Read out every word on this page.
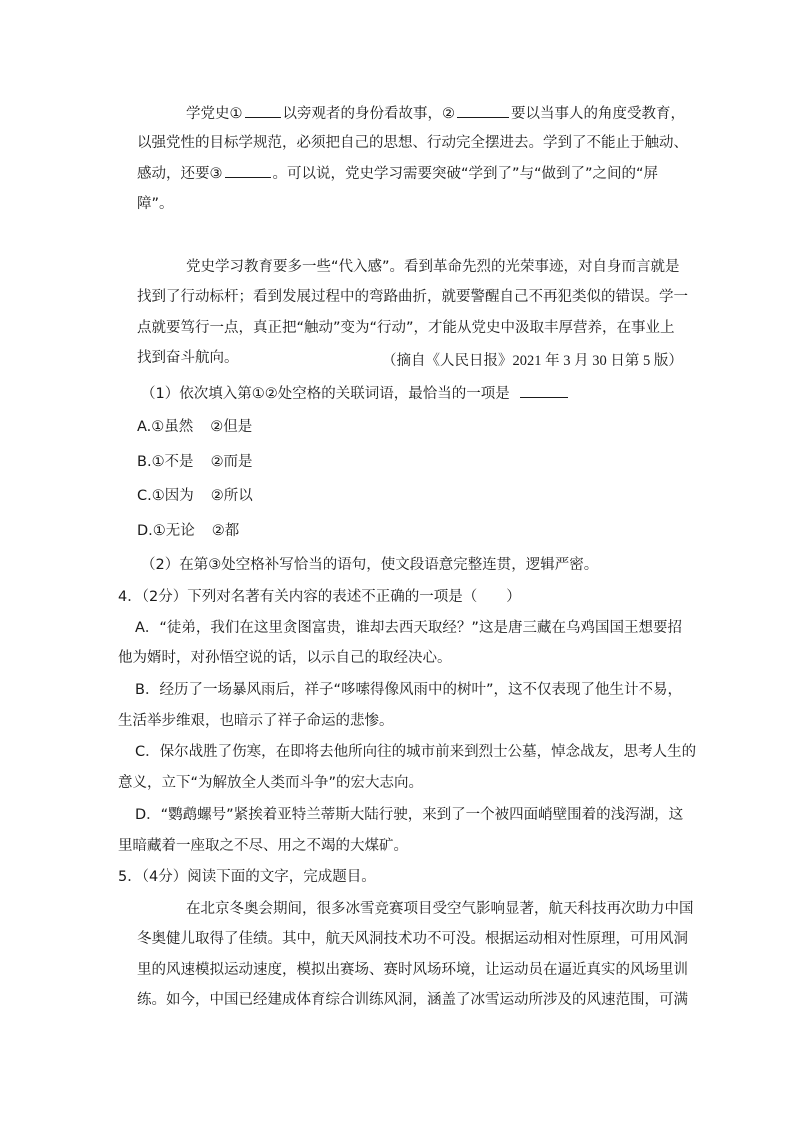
学党史①	以旁观者的身份看故事，②	要以当事人的角度受教育，
以强党性的目标学规范，必须把自己的思想、行动完全摆进去。学到了不能止于触动、
感动，还要③	。可以说，党史学习需要突破“学到了”与“做到了”之间的“屏
障”。
党史学习教育要多一些“代入感”。看到革命先烈的光荣事迹，对自身而言就是
找到了行动标杆；看到发展过程中的弯路曲折，就要警醒自己不再犯类似的错误。学一
点就要笃行一点，真正把“触动”变为“行动”，才能从党史中汲取丰厚营养，在事业上
找到奋斗航向。	（摘自《人民日报》2021 年 3 月 30 日第 5 版）
（1）依次填入第①②处空格的关联词语，最恰当的一项是
A.①虽然 ②但是
B.①不是 ②而是
C.①因为 ②所以
D.①无论 ②都
（2）在第③处空格补写恰当的语句，使文段语意完整连贯，逻辑严密。
4．（2分）下列对名著有关内容的表述不正确的一项是（　　）
A．“徒弟，我们在这里贪图富贵，谁却去西天取经？”这是唐三藏在乌鸡国国王想要招
他为婿时，对孙悟空说的话，以示自己的取经决心。
B．经历了一场暴风雨后，祥子“哆嗦得像风雨中的树叶”，这不仅表现了他生计不易，
生活举步维艰，也暗示了祥子命运的悲惨。
C．保尔战胜了伤寒，在即将去他所向往的城市前来到烈士公墓，悼念战友，思考人生的
意义，立下“为解放全人类而斗争”的宏大志向。
D．“鹦鹉螺号”紧挨着亚特兰蒂斯大陆行驶，来到了一个被四面峭壁围着的浅泻湖，这
里暗藏着一座取之不尽、用之不竭的大煤矿。
5．（4分）阅读下面的文字，完成题目。
在北京冬奥会期间，很多冰雪竞赛项目受空气影响显著，航天科技再次助力中国
冬奥健儿取得了佳绩。其中，航天风洞技术功不可没。根据运动相对性原理，可用风洞
里的风速模拟运动速度，模拟出赛场、赛时风场环境，让运动员在逼近真实的风场里训
练。如今，中国已经建成体育综合训练风洞，涵盖了冰雪运动所涉及的风速范围，可满
